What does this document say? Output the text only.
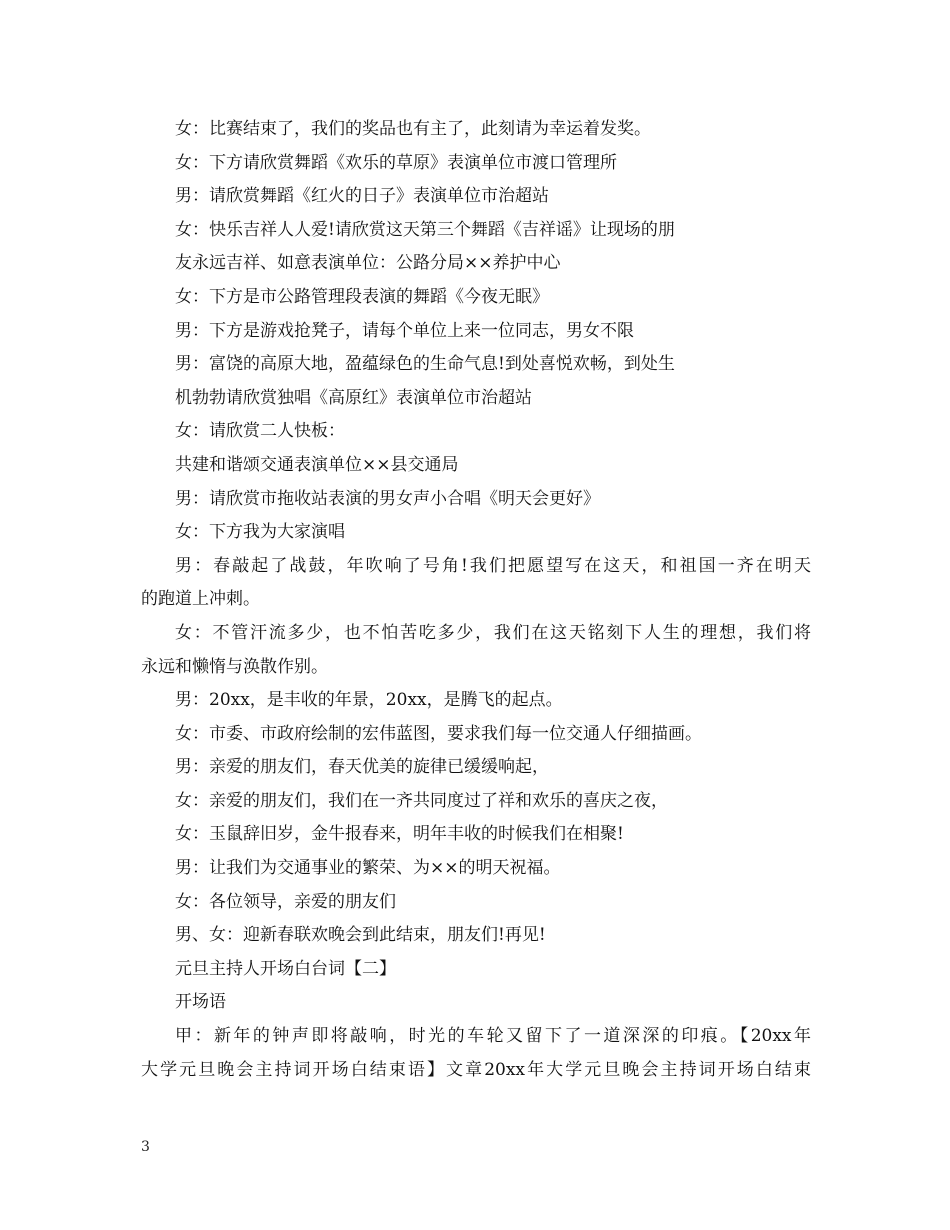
女：比赛结束了，我们的奖品也有主了，此刻请为幸运着发奖。
女：下方请欣赏舞蹈《欢乐的草原》表演单位市渡口管理所
男：请欣赏舞蹈《红火的日子》表演单位市治超站
女：快乐吉祥人人爱!请欣赏这天第三个舞蹈《吉祥谣》让现场的朋
友永远吉祥、如意表演单位：公路分局××养护中心
女：下方是市公路管理段表演的舞蹈《今夜无眠》
男：下方是游戏抢凳子，请每个单位上来一位同志，男女不限
男：富饶的高原大地，盈蕴绿色的生命气息!到处喜悦欢畅，到处生
机勃勃请欣赏独唱《高原红》表演单位市治超站
女：请欣赏二人快板：
共建和谐颂交通表演单位××县交通局
男：请欣赏市拖收站表演的男女声小合唱《明天会更好》
女：下方我为大家演唱
男：春敲起了战鼓，年吹响了号角!我们把愿望写在这天，和祖国一齐在明天
的跑道上冲刺。
女：不管汗流多少，也不怕苦吃多少，我们在这天铭刻下人生的理想，我们将
永远和懒惰与涣散作别。
男：20xx，是丰收的年景，20xx，是腾飞的起点。
女：市委、市政府绘制的宏伟蓝图，要求我们每一位交通人仔细描画。
男：亲爱的朋友们，春天优美的旋律已缓缓响起，
女：亲爱的朋友们，我们在一齐共同度过了祥和欢乐的喜庆之夜，
女：玉鼠辞旧岁，金牛报春来，明年丰收的时候我们在相聚!
男：让我们为交通事业的繁荣、为××的明天祝福。
女：各位领导，亲爱的朋友们
男、女：迎新春联欢晚会到此结束，朋友们!再见!
元旦主持人开场白台词【二】
开场语
甲：新年的钟声即将敲响，时光的车轮又留下了一道深深的印痕。【20xx年
大学元旦晚会主持词开场白结束语】文章20xx年大学元旦晚会主持词开场白结束
3
